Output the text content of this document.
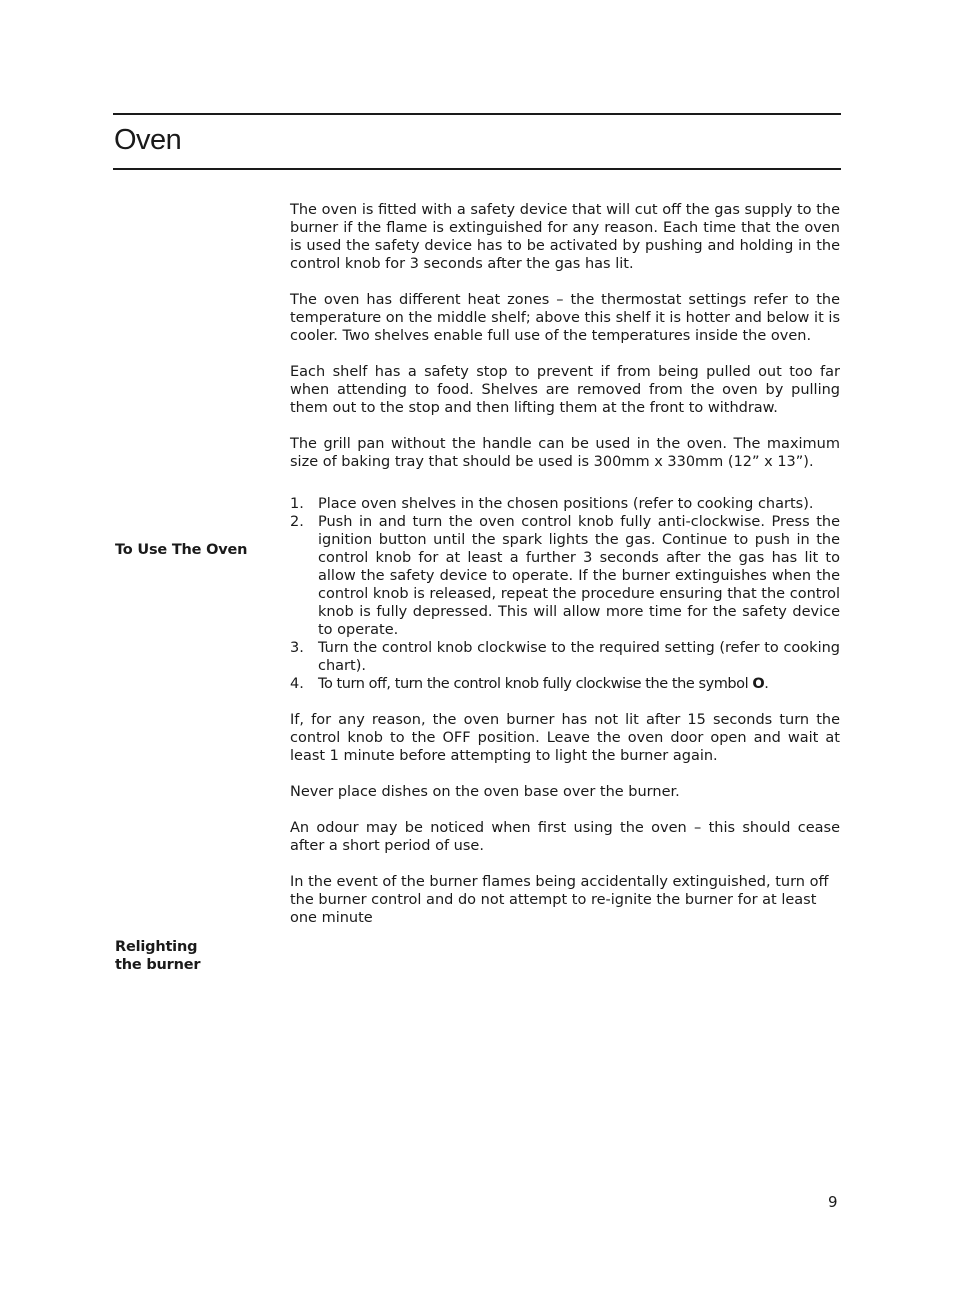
Oven
To Use The Oven
Relighting
the burner

The oven is fitted with a safety device that will cut off the gas supply to the burner if the flame is extinguished for any reason. Each time that the oven is used the safety device has to be activated by pushing and holding in the control knob for 3 seconds after the gas has lit.

The oven has different heat zones – the thermostat settings refer to the temperature on the middle shelf; above this shelf it is hotter and below it is cooler. Two shelves enable full use of the temperatures inside the oven.

Each shelf has a safety stop to prevent if from being pulled out too far when attending to food. Shelves are removed from the oven by pulling them out to the stop and then lifting them at the front to withdraw.

The grill pan without the handle can be used in the oven. The maximum size of baking tray that should be used is 300mm x 330mm (12” x 13”).

1. Place oven shelves in the chosen positions (refer to cooking charts).
2. Push in and turn the oven control knob fully anti-clockwise. Press the ignition button until the spark lights the gas. Continue to push in the control knob for at least a further 3 seconds after the gas has lit to allow the safety device to operate. If the burner extinguishes when the control knob is released, repeat the procedure ensuring that the control knob is fully depressed. This will allow more time for the safety device to operate.
3. Turn the control knob clockwise to the required setting (refer to cooking chart).
4. To turn off, turn the control knob fully clockwise the the symbol O.

If, for any reason, the oven burner has not lit after 15 seconds turn the control knob to the OFF position. Leave the oven door open and wait at least 1 minute before attempting to light the burner again.

Never place dishes on the oven base over the burner.

An odour may be noticed when first using the oven – this should cease after a short period of use.

In the event of the burner flames being accidentally extinguished, turn off the burner control and do not attempt to re-ignite the burner for at least one minute

9
